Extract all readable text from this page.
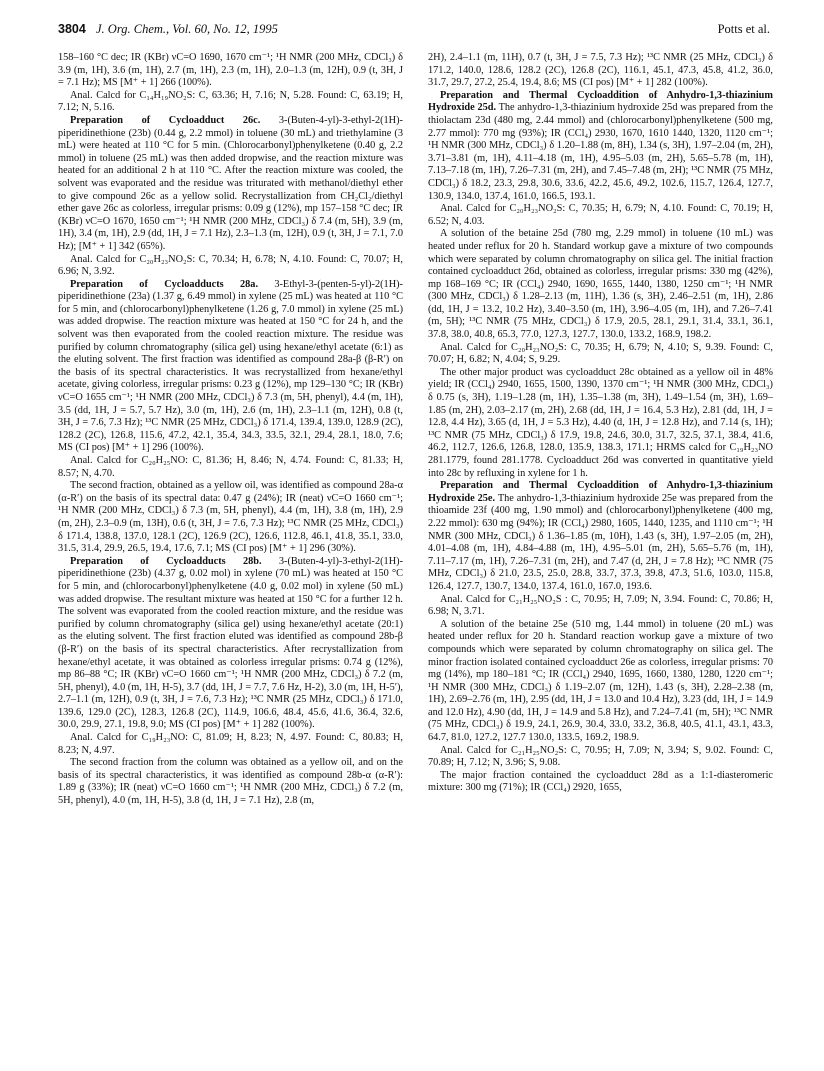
3804 J. Org. Chem., Vol. 60, No. 12, 1995	Potts et al.

158–160 °C dec; IR (KBr) νC=O 1690, 1670 cm⁻¹; ¹H NMR (200 MHz, CDCl₃) δ 3.9 (m, 1H), 3.6 (m, 1H), 2.7 (m, 1H), 2.3 (m, 1H), 2.0–1.3 (m, 12H), 0.9 (t, 3H, J = 7.1 Hz); MS [M⁺ + 1] 266 (100%).

Anal. Calcd for C₁₄H₁₉NO₂S: C, 63.36; H, 7.16; N, 5.28. Found: C, 63.19; H, 7.12; N, 5.16.

Preparation of Cycloadduct 26c. 3-(Buten-4-yl)-3-ethyl-2(1H)-piperidinethione (23b) (0.44 g, 2.2 mmol) in toluene (30 mL) and triethylamine (3 mL) were heated at 110 °C for 5 min. (Chlorocarbonyl)phenylketene (0.40 g, 2.2 mmol) in toluene (25 mL) was then added dropwise, and the reaction mixture was heated for an additional 2 h at 110 °C. After the reaction mixture was cooled, the solvent was evaporated and the residue was triturated with methanol/diethyl ether to give compound 26c as a yellow solid. Recrystallization from CH₂Cl₂/diethyl ether gave 26c as colorless, irregular prisms: 0.09 g (12%), mp 157–158 °C dec; IR (KBr) νC=O 1670, 1650 cm⁻¹; ¹H NMR (200 MHz, CDCl₃) δ 7.4 (m, 5H), 3.9 (m, 1H), 3.4 (m, 1H), 2.9 (dd, 1H, J = 7.1 Hz), 2.3–1.3 (m, 12H), 0.9 (t, 3H, J = 7.1, 7.0 Hz); [M⁺ + 1] 342 (65%).

Anal. Calcd for C₂₀H₂₃NO₂S: C, 70.34; H, 6.78; N, 4.10. Found: C, 70.07; H, 6.96; N, 3.92.

Preparation of Cycloadducts 28a. 3-Ethyl-3-(penten-5-yl)-2(1H)-piperidinethione (23a) (1.37 g, 6.49 mmol) in xylene (25 mL) was heated at 110 °C for 5 min, and (chlorocarbonyl)phenylketene (1.26 g, 7.0 mmol) in xylene (25 mL) was added dropwise. The reaction mixture was heated at 150 °C for 24 h, and the solvent was then evaporated from the cooled reaction mixture. The residue was purified by column chromatography (silica gel) using hexane/ethyl acetate (6:1) as the eluting solvent. The first fraction was identified as compound 28a-β (β-R′) on the basis of its spectral characteristics. It was recrystallized from hexane/ethyl acetate, giving colorless, irregular prisms: 0.23 g (12%), mp 129–130 °C; IR (KBr) νC=O 1655 cm⁻¹; ¹H NMR (200 MHz, CDCl₃) δ 7.3 (m, 5H, phenyl), 4.4 (m, 1H), 3.5 (dd, 1H, J = 5.7, 5.7 Hz), 3.0 (m, 1H), 2.6 (m, 1H), 2.3–1.1 (m, 12H), 0.8 (t, 3H, J = 7.6, 7.3 Hz); ¹³C NMR (25 MHz, CDCl₃) δ 171.4, 139.4, 139.0, 128.9 (2C), 128.2 (2C), 126.8, 115.6, 47.2, 42.1, 35.4, 34.3, 33.5, 32.1, 29.4, 28.1, 18.0, 7.6; MS (CI pos) [M⁺ + 1] 296 (100%).

Anal. Calcd for C₂₀H₂₅NO: C, 81.36; H, 8.46; N, 4.74. Found: C, 81.33; H, 8.57; N, 4.70.

The second fraction, obtained as a yellow oil, was identified as compound 28a-α (α-R′) on the basis of its spectral data: 0.47 g (24%); IR (neat) νC=O 1660 cm⁻¹; ¹H NMR (200 MHz, CDCl₃) δ 7.3 (m, 5H, phenyl), 4.4 (m, 1H), 3.8 (m, 1H), 2.9 (m, 2H), 2.3–0.9 (m, 13H), 0.6 (t, 3H, J = 7.6, 7.3 Hz); ¹³C NMR (25 MHz, CDCl₃) δ 171.4, 138.8, 137.0, 128.1 (2C), 126.9 (2C), 126.6, 112.8, 46.1, 41.8, 35.1, 33.0, 31.5, 31.4, 29.9, 26.5, 19.4, 17.6, 7.1; MS (CI pos) [M⁺ + 1] 296 (30%).

Preparation of Cycloadducts 28b. 3-(Buten-4-yl)-3-ethyl-2(1H)-piperidinethione (23b) (4.37 g, 0.02 mol) in xylene (70 mL) was heated at 150 °C for 5 min, and (chlorocarbonyl)phenylketene (4.0 g, 0.02 mol) in xylene (50 mL) was added dropwise. The resultant mixture was heated at 150 °C for a further 12 h. The solvent was evaporated from the cooled reaction mixture, and the residue was purified by column chromatography (silica gel) using hexane/ethyl acetate (20:1) as the eluting solvent. The first fraction eluted was identified as compound 28b-β (β-R′) on the basis of its spectral characteristics. After recrystallization from hexane/ethyl acetate, it was obtained as colorless irregular prisms: 0.74 g (12%), mp 86–88 °C; IR (KBr) νC=O 1660 cm⁻¹; ¹H NMR (200 MHz, CDCl₃) δ 7.2 (m, 5H, phenyl), 4.0 (m, 1H, H-5), 3.7 (dd, 1H, J = 7.7, 7.6 Hz, H-2), 3.0 (m, 1H, H-5′), 2.7–1.1 (m, 12H), 0.9 (t, 3H, J = 7.6, 7.3 Hz); ¹³C NMR (25 MHz, CDCl₃) δ 171.0, 139.6, 129.0 (2C), 128.3, 126.8 (2C), 114.9, 106.6, 48.4, 45.6, 41.6, 36.4, 32.6, 30.0, 29.9, 27.1, 19.8, 9.0; MS (CI pos) [M⁺ + 1] 282 (100%).

Anal. Calcd for C₁₉H₂₃NO: C, 81.09; H, 8.23; N, 4.97. Found: C, 80.83; H, 8.23; N, 4.97.

The second fraction from the column was obtained as a yellow oil, and on the basis of its spectral characteristics, it was identified as compound 28b-α (α-R′): 1.89 g (33%); IR (neat) νC=O 1660 cm⁻¹; ¹H NMR (200 MHz, CDCl₃) δ 7.2 (m, 5H, phenyl), 4.0 (m, 1H, H-5), 3.8 (d, 1H, J = 7.1 Hz), 2.8 (m,

2H), 2.4–1.1 (m, 11H), 0.7 (t, 3H, J = 7.5, 7.3 Hz); ¹³C NMR (25 MHz, CDCl₃) δ 171.2, 140.0, 128.6, 128.2 (2C), 126.8 (2C), 116.1, 45.1, 47.3, 45.8, 41.2, 36.0, 31.7, 29.7, 27.2, 25.4, 19.4, 8.6; MS (CI pos) [M⁺ + 1] 282 (100%).

Preparation and Thermal Cycloaddition of Anhydro-1,3-thiazinium Hydroxide 25d. The anhydro-1,3-thiazinium hydroxide 25d was prepared from the thiolactam 23d (480 mg, 2.44 mmol) and (chlorocarbonyl)phenylketene (500 mg, 2.77 mmol): 770 mg (93%); IR (CCl₄) 2930, 1670, 1610 1440, 1320, 1120 cm⁻¹; ¹H NMR (300 MHz, CDCl₃) δ 1.20–1.88 (m, 8H), 1.34 (s, 3H), 1.97–2.04 (m, 2H), 3.71–3.81 (m, 1H), 4.11–4.18 (m, 1H), 4.95–5.03 (m, 2H), 5.65–5.78 (m, 1H), 7.13–7.18 (m, 1H), 7.26–7.31 (m, 2H), and 7.45–7.48 (m, 2H); ¹³C NMR (75 MHz, CDCl₃) δ 18.2, 23.3, 29.8, 30.6, 33.6, 42.2, 45.6, 49.2, 102.6, 115.7, 126.4, 127.7, 130.9, 134.0, 137.4, 161.0, 166.5, 193.1.

Anal. Calcd for C₂₀H₂₃NO₂S: C, 70.35; H, 6.79; N, 4.10. Found: C, 70.19; H, 6.52; N, 4.03.

A solution of the betaine 25d (780 mg, 2.29 mmol) in toluene (10 mL) was heated under reflux for 20 h. Standard workup gave a mixture of two compounds which were separated by column chromatography on silica gel. The initial fraction contained cycloadduct 26d, obtained as colorless, irregular prisms: 330 mg (42%), mp 168–169 °C; IR (CCl₄) 2940, 1690, 1655, 1440, 1380, 1250 cm⁻¹; ¹H NMR (300 MHz, CDCl₃) δ 1.28–2.13 (m, 11H), 1.36 (s, 3H), 2.46–2.51 (m, 1H), 2.86 (dd, 1H, J = 13.2, 10.2 Hz), 3.40–3.50 (m, 1H), 3.96–4.05 (m, 1H), and 7.26–7.41 (m, 5H); ¹³C NMR (75 MHz, CDCl₃) δ 17.9, 20.5, 28.1, 29.1, 31.4, 33.1, 36.1, 37.8, 38.0, 40.8, 65.3, 77.0, 127.3, 127.7, 130.0, 133.2, 168.9, 198.2.

Anal. Calcd for C₂₀H₂₃NO₂S: C, 70.35; H, 6.79; N, 4.10; S, 9.39. Found: C, 70.07; H, 6.82; N, 4.04; S, 9.29.

The other major product was cycloadduct 28c obtained as a yellow oil in 48% yield; IR (CCl₄) 2940, 1655, 1500, 1390, 1370 cm⁻¹; ¹H NMR (300 MHz, CDCl₃) δ 0.75 (s, 3H), 1.19–1.28 (m, 1H), 1.35–1.38 (m, 3H), 1.49–1.54 (m, 3H), 1.69–1.85 (m, 2H), 2.03–2.17 (m, 2H), 2.68 (dd, 1H, J = 16.4, 5.3 Hz), 2.81 (dd, 1H, J = 12.8, 4.4 Hz), 3.65 (d, 1H, J = 5.3 Hz), 4.40 (d, 1H, J = 12.8 Hz), and 7.14 (s, 1H); ¹³C NMR (75 MHz, CDCl₃) δ 17.9, 19.8, 24.6, 30.0, 31.7, 32.5, 37.1, 38.4, 41.6, 46.2, 112.7, 126.6, 126.8, 128.0, 135.9, 138.3, 171.1; HRMS calcd for C₁₉H₂₃NO 281.1779, found 281.1778. Cycloadduct 26d was converted in quantitative yield into 28c by refluxing in xylene for 1 h.

Preparation and Thermal Cycloaddition of Anhydro-1,3-thiazinium Hydroxide 25e. The anhydro-1,3-thiazinium hydroxide 25e was prepared from the thioamide 23f (400 mg, 1.90 mmol) and (chlorocarbonyl)phenylketene (400 mg, 2.22 mmol): 630 mg (94%); IR (CCl₄) 2980, 1605, 1440, 1235, and 1110 cm⁻¹; ¹H NMR (300 MHz, CDCl₃) δ 1.36–1.85 (m, 10H), 1.43 (s, 3H), 1.97–2.05 (m, 2H), 4.01–4.08 (m, 1H), 4.84–4.88 (m, 1H), 4.95–5.01 (m, 2H), 5.65–5.76 (m, 1H), 7.11–7.17 (m, 1H), 7.26–7.31 (m, 2H), and 7.47 (d, 2H, J = 7.8 Hz); ¹³C NMR (75 MHz, CDCl₃) δ 21.0, 23.5, 25.0, 28.8, 33.7, 37.3, 39.8, 47.3, 51.6, 103.0, 115.8, 126.4, 127.7, 130.7, 134.0, 137.4, 161.0, 167.0, 193.6.

Anal. Calcd for C₂₁H₂₅NO₂S : C, 70.95; H, 7.09; N, 3.94. Found: C, 70.86; H, 6.98; N, 3.71.

A solution of the betaine 25e (510 mg, 1.44 mmol) in toluene (20 mL) was heated under reflux for 20 h. Standard reaction workup gave a mixture of two compounds which were separated by column chromatography on silica gel. The minor fraction isolated contained cycloadduct 26e as colorless, irregular prisms: 70 mg (14%), mp 180–181 °C; IR (CCl₄) 2940, 1695, 1660, 1380, 1280, 1220 cm⁻¹; ¹H NMR (300 MHz, CDCl₃) δ 1.19–2.07 (m, 12H), 1.43 (s, 3H), 2.28–2.38 (m, 1H), 2.69–2.76 (m, 1H), 2.95 (dd, 1H, J = 13.0 and 10.4 Hz), 3.23 (dd, 1H, J = 14.9 and 12.0 Hz), 4.90 (dd, 1H, J = 14.9 and 5.8 Hz), and 7.24–7.41 (m, 5H); ¹³C NMR (75 MHz, CDCl₃) δ 19.9, 24.1, 26.9, 30.4, 33.0, 33.2, 36.8, 40.5, 41.1, 43.1, 43.3, 64.7, 81.0, 127.2, 127.7 130.0, 133.5, 169.2, 198.9.

Anal. Calcd for C₂₁H₂₅NO₂S: C, 70.95; H, 7.09; N, 3.94; S, 9.02. Found: C, 70.89; H, 7.12; N, 3.96; S, 9.08.

The major fraction contained the cycloadduct 28d as a 1:1-diasteromeric mixture: 300 mg (71%); IR (CCl₄) 2920, 1655,
